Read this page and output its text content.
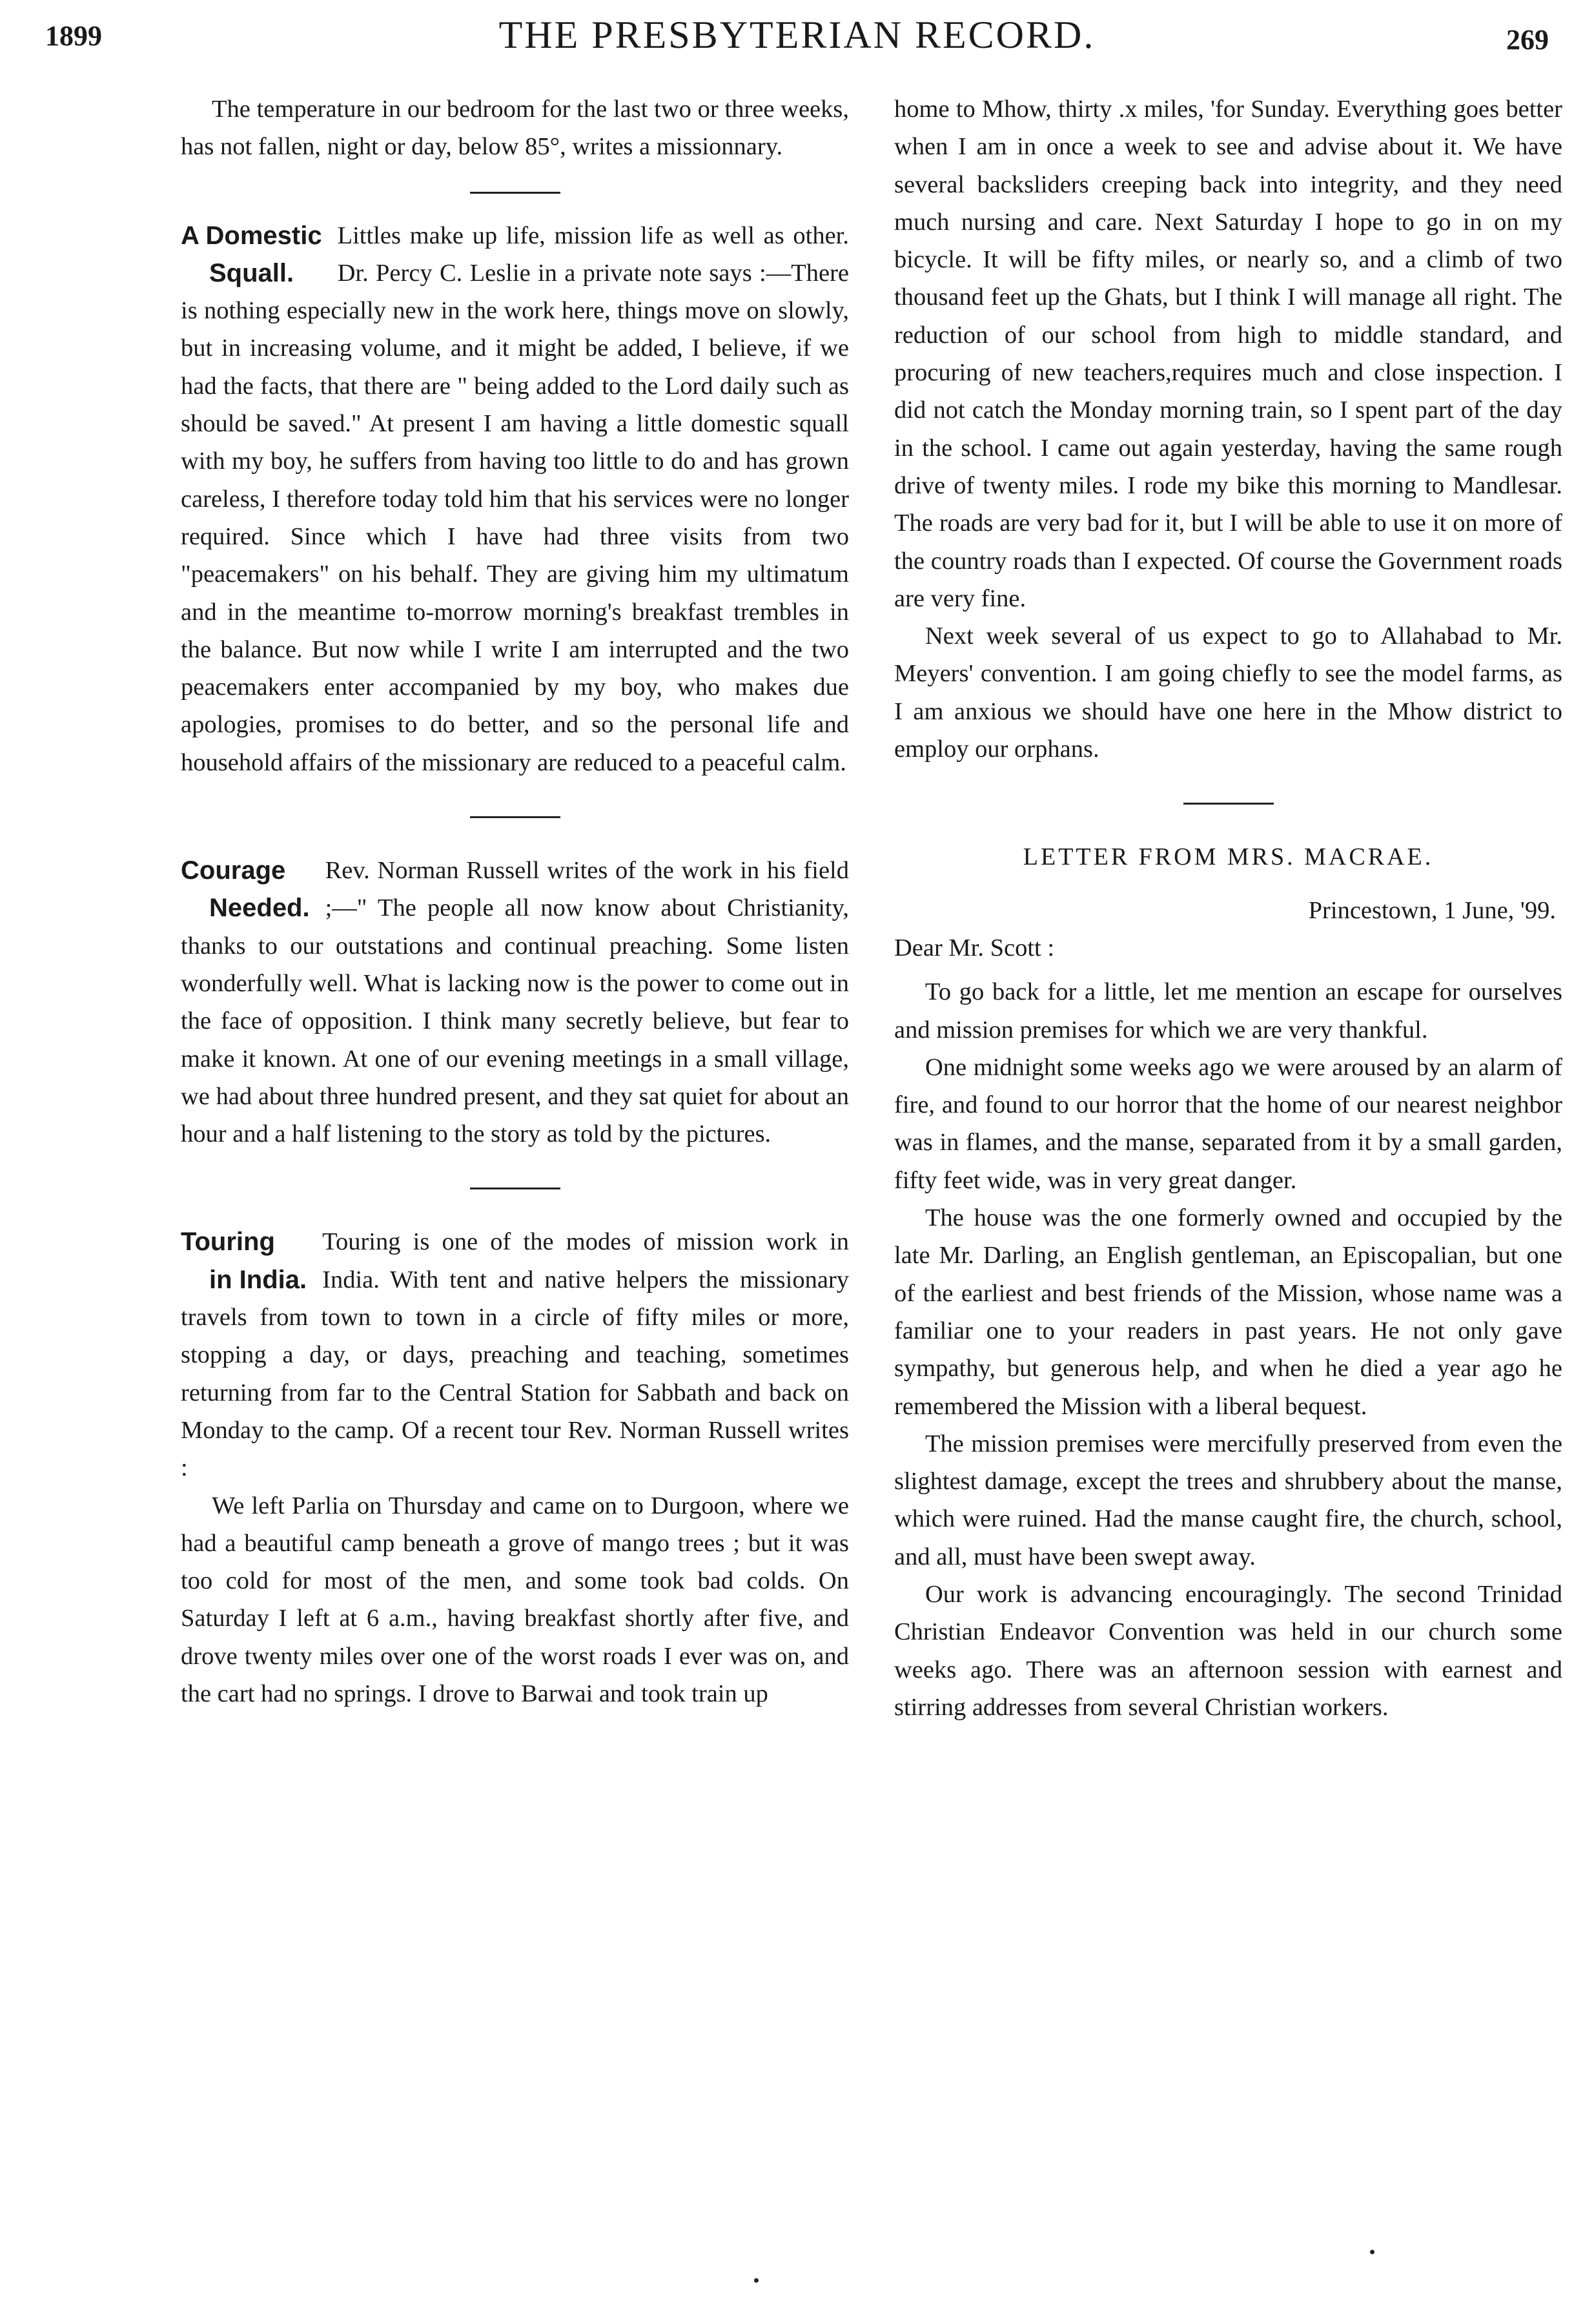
1899	THE PRESBYTERIAN RECORD.	269

The temperature in our bedroom for the last two or three weeks, has not fallen, night or day, below 85°, writes a missionnary.

A Domestic
Squall.
Littles make up life, mission life as well as other. Dr. Percy C. Leslie in a private note says :—There is nothing especially new in the work here, things move on slowly, but in increasing volume, and it might be added, I believe, if we had the facts, that there are " being added to the Lord daily such as should be saved." At present I am having a little domestic squall with my boy, he suffers from having too little to do and has grown careless, I therefore today told him that his services were no longer required. Since which I have had three visits from two "peacemakers" on his behalf. They are giving him my ultimatum and in the meantime to-morrow morning's breakfast trembles in the balance. But now while I write I am interrupted and the two peacemakers enter accompanied by my boy, who makes due apologies, promises to do better, and so the personal life and household affairs of the missionary are reduced to a peaceful calm.
Courage
Needed.
Rev. Norman Russell writes of the work in his field ;—" The people all now know about Christianity, thanks to our outstations and continual preaching. Some listen wonderfully well. What is lacking now is the power to come out in the face of opposition. I think many secretly believe, but fear to make it known. At one of our evening meetings in a small village, we had about three hundred present, and they sat quiet for about an hour and a half listening to the story as told by the pictures.
Touring
in India.
Touring is one of the modes of mission work in India. With tent and native helpers the missionary travels from town to town in a circle of fifty miles or more, stopping a day, or days, preaching and teaching, sometimes returning from far to the Central Station for Sabbath and back on Monday to the camp. Of a recent tour Rev. Norman Russell writes :

We left Parlia on Thursday and came on to Durgoon, where we had a beautiful camp beneath a grove of mango trees ; but it was too cold for most of the men, and some took bad colds. On Saturday I left at 6 a.m., having breakfast shortly after five, and drove twenty miles over one of the worst roads I ever was on, and the cart had no springs. I drove to Barwai and took train up

home to Mhow, thirty .x miles, 'for Sunday. Everything goes better when I am in once a week to see and advise about it. We have several backsliders creeping back into integrity, and they need much nursing and care. Next Saturday I hope to go in on my bicycle. It will be fifty miles, or nearly so, and a climb of two thousand feet up the Ghats, but I think I will manage all right. The reduction of our school from high to middle standard, and procuring of new teachers,requires much and close inspection. I did not catch the Monday morning train, so I spent part of the day in the school. I came out again yesterday, having the same rough drive of twenty miles. I rode my bike this morning to Mandlesar. The roads are very bad for it, but I will be able to use it on more of the country roads than I expected. Of course the Government roads are very fine.

Next week several of us expect to go to Allahabad to Mr. Meyers' convention. I am going chiefly to see the model farms, as I am anxious we should have one here in the Mhow district to employ our orphans.

LETTER FROM MRS. MACRAE.

Princestown, 1 June, '99.

Dear Mr. Scott :

To go back for a little, let me mention an escape for ourselves and mission premises for which we are very thankful.

One midnight some weeks ago we were aroused by an alarm of fire, and found to our horror that the home of our nearest neighbor was in flames, and the manse, separated from it by a small garden, fifty feet wide, was in very great danger.

The house was the one formerly owned and occupied by the late Mr. Darling, an English gentleman, an Episcopalian, but one of the earliest and best friends of the Mission, whose name was a familiar one to your readers in past years. He not only gave sympathy, but generous help, and when he died a year ago he remembered the Mission with a liberal bequest.

The mission premises were mercifully preserved from even the slightest damage, except the trees and shrubbery about the manse, which were ruined. Had the manse caught fire, the church, school, and all, must have been swept away.

Our work is advancing encouragingly. The second Trinidad Christian Endeavor Convention was held in our church some weeks ago. There was an afternoon session with earnest and stirring addresses from several Christian workers.
